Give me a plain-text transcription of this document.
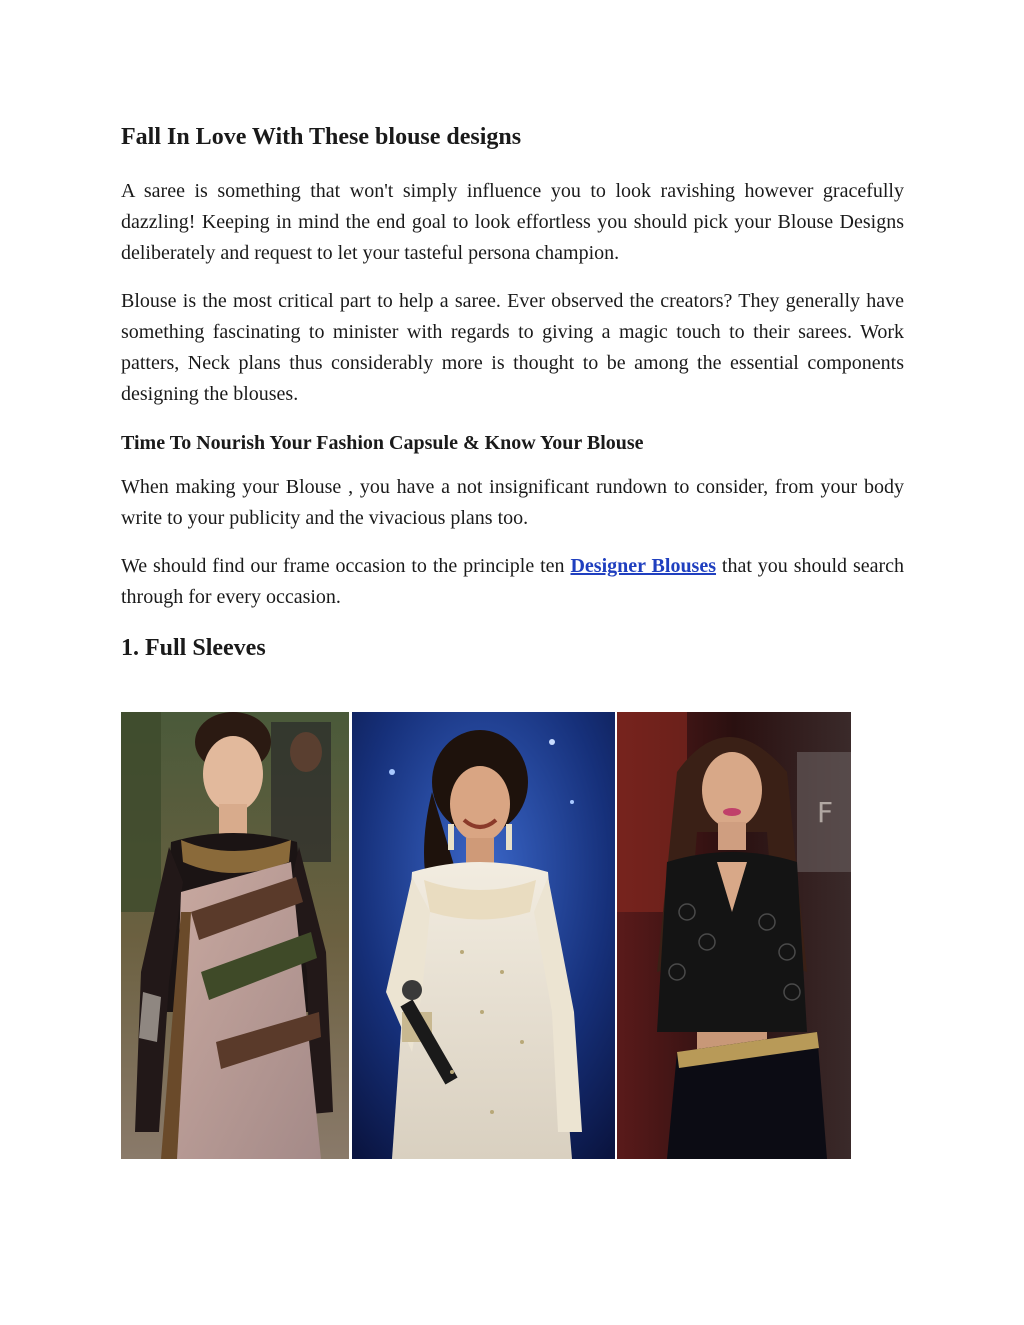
Fall In Love With These blouse designs

A saree is something that won't simply influence you to look ravishing however gracefully dazzling! Keeping in mind the end goal to look effortless you should pick your Blouse Designs deliberately and request to let your tasteful persona champion.

Blouse is the most critical part to help a saree. Ever observed the creators? They generally have something fascinating to minister with regards to giving a magic touch to their sarees. Work patters, Neck plans thus considerably more is thought to be among the essential components designing the blouses.

Time To Nourish Your Fashion Capsule & Know Your Blouse

When making your Blouse , you have a not insignificant rundown to consider, from your body write to your publicity and the vivacious plans too.

We should find our frame occasion to the principle ten Designer Blouses that you should search through for every occasion.

1. Full Sleeves
F
